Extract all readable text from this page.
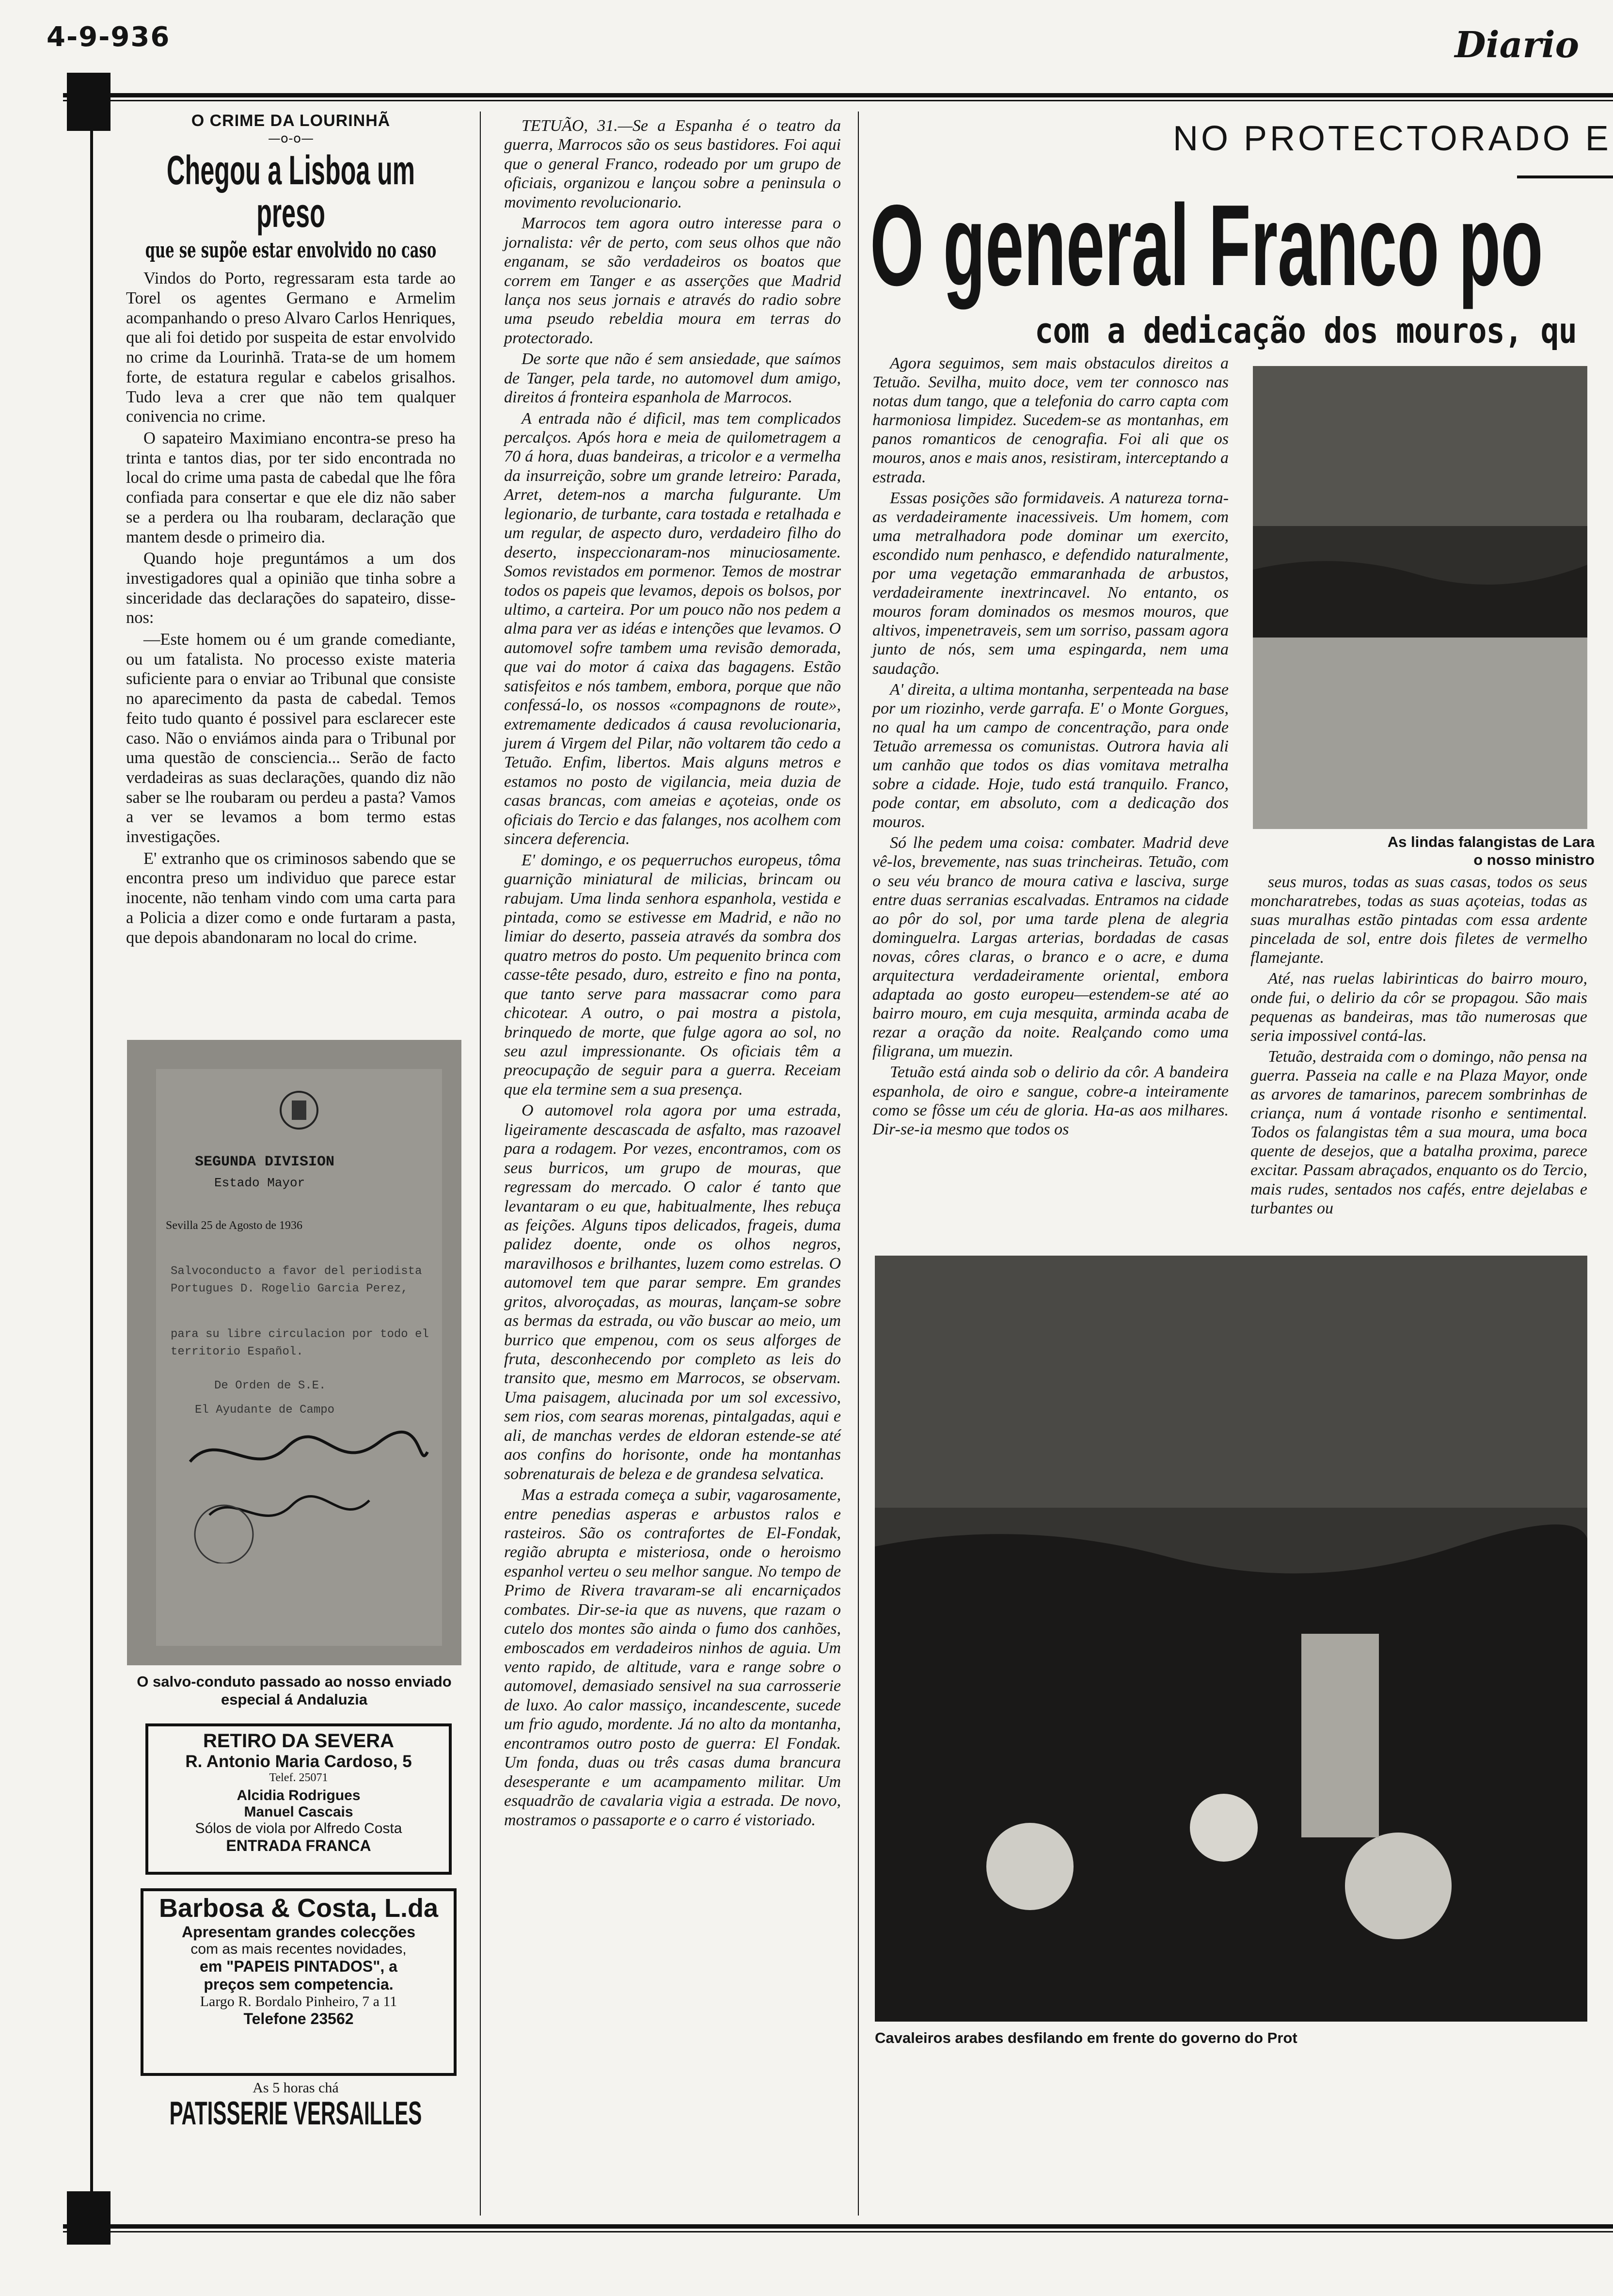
4-9-936	Diario
O CRIME DA LOURINHÃ
—o-o—
Chegou a Lisboa um preso
que se supõe estar envolvido no caso

Vindos do Porto, regressaram esta tarde ao Torel os agentes Germano e Armelim acompanhando o preso Alvaro Carlos Henriques, que ali foi detido por suspeita de estar envolvido no crime da Lourinhã. Trata-se de um homem forte, de estatura regular e cabelos grisalhos. Tudo leva a crer que não tem qualquer conivencia no crime.

O sapateiro Maximiano encontra-se preso ha trinta e tantos dias, por ter sido encontrada no local do crime uma pasta de cabedal que lhe fôra confiada para consertar e que ele diz não saber se a perdera ou lha roubaram, declaração que mantem desde o primeiro dia.

Quando hoje preguntámos a um dos investigadores qual a opinião que tinha sobre a sinceridade das declarações do sapateiro, disse-nos:

—Este homem ou é um grande comediante, ou um fatalista. No processo existe materia suficiente para o enviar ao Tribunal que consiste no aparecimento da pasta de cabedal. Temos feito tudo quanto é possivel para esclarecer este caso. Não o enviámos ainda para o Tribunal por uma questão de consciencia... Serão de facto verdadeiras as suas declarações, quando diz não saber se lhe roubaram ou perdeu a pasta? Vamos a ver se levamos a bom termo estas investigações.

E' extranho que os criminosos sabendo que se encontra preso um individuo que parece estar inocente, não tenham vindo com uma carta para a Policia a dizer como e onde furtaram a pasta, que depois abandonaram no local do crime.

SEGUNDA DIVISION
Estado Mayor
Sevilla 25 de Agosto de 1936
Salvoconducto a favor del periodista Portugues D. Rogelio Garcia Perez,
para su libre circulacion por todo el territorio Español.
De Orden de S.E.
El Ayudante de Campo
O salvo-conduto passado ao nosso enviado especial á Andaluzia
RETIRO DA SEVERA
R. Antonio Maria Cardoso, 5
Telef. 25071
Alcidia Rodrigues
Manuel Cascais
Sólos de viola por Alfredo Costa
ENTRADA FRANCA
Barbosa & Costa, L.da
Apresentam grandes colecções
com as mais recentes novidades,
em "PAPEIS PINTADOS", a
preços sem competencia.
Largo R. Bordalo Pinheiro, 7 a 11
Telefone 23562
As 5 horas chá
PATISSERIE VERSAILLES

TETUÃO, 31.—Se a Espanha é o teatro da guerra, Marrocos são os seus bastidores. Foi aqui que o general Franco, rodeado por um grupo de oficiais, organizou e lançou sobre a peninsula o movimento revolucionario.

Marrocos tem agora outro interesse para o jornalista: vêr de perto, com seus olhos que não enganam, se são verdadeiros os boatos que correm em Tanger e as asserções que Madrid lança nos seus jornais e através do radio sobre uma pseudo rebeldia moura em terras do protectorado.

De sorte que não é sem ansiedade, que saímos de Tanger, pela tarde, no automovel dum amigo, direitos á fronteira espanhola de Marrocos.

A entrada não é dificil, mas tem complicados percalços. Após hora e meia de quilometragem a 70 á hora, duas bandeiras, a tricolor e a vermelha da insurreição, sobre um grande letreiro: Parada, Arret, detem-nos a marcha fulgurante. Um legionario, de turbante, cara tostada e retalhada e um regular, de aspecto duro, verdadeiro filho do deserto, inspeccionaram-nos minuciosamente. Somos revistados em pormenor. Temos de mostrar todos os papeis que levamos, depois os bolsos, por ultimo, a carteira. Por um pouco não nos pedem a alma para ver as idéas e intenções que levamos. O automovel sofre tambem uma revisão demorada, que vai do motor á caixa das bagagens. Estão satisfeitos e nós tambem, embora, porque que não confessá-lo, os nossos «compagnons de route», extremamente dedicados á causa revolucionaria, jurem á Virgem del Pilar, não voltarem tão cedo a Tetuão. Enfim, libertos. Mais alguns metros e estamos no posto de vigilancia, meia duzia de casas brancas, com ameias e açoteias, onde os oficiais do Tercio e das falanges, nos acolhem com sincera deferencia.

E' domingo, e os pequerruchos europeus, tôma guarnição miniatural de milicias, brincam ou rabujam. Uma linda senhora espanhola, vestida e pintada, como se estivesse em Madrid, e não no limiar do deserto, passeia através da sombra dos quatro metros do posto. Um pequenito brinca com casse-tête pesado, duro, estreito e fino na ponta, que tanto serve para massacrar como para chicotear. A outro, o pai mostra a pistola, brinquedo de morte, que fulge agora ao sol, no seu azul impressionante. Os oficiais têm a preocupação de seguir para a guerra. Receiam que ela termine sem a sua presença.

O automovel rola agora por uma estrada, ligeiramente descascada de asfalto, mas razoavel para a rodagem. Por vezes, encontramos, com os seus burricos, um grupo de mouras, que regressam do mercado. O calor é tanto que levantaram o eu que, habitualmente, lhes rebuça as feições. Alguns tipos delicados, frageis, duma palidez doente, onde os olhos negros, maravilhosos e brilhantes, luzem como estrelas. O automovel tem que parar sempre. Em grandes gritos, alvoroçadas, as mouras, lançam-se sobre as bermas da estrada, ou vão buscar ao meio, um burrico que empenou, com os seus alforges de fruta, desconhecendo por completo as leis do transito que, mesmo em Marrocos, se observam. Uma paisagem, alucinada por um sol excessivo, sem rios, com searas morenas, pintalgadas, aqui e ali, de manchas verdes de eldoran estende-se até aos confins do horisonte, onde ha montanhas sobrenaturais de beleza e de grandesa selvatica.

Mas a estrada começa a subir, vagarosamente, entre penedias asperas e arbustos ralos e rasteiros. São os contrafortes de El-Fondak, região abrupta e misteriosa, onde o heroismo espanhol verteu o seu melhor sangue. No tempo de Primo de Rivera travaram-se ali encarniçados combates. Dir-se-ia que as nuvens, que razam o cutelo dos montes são ainda o fumo dos canhões, emboscados em verdadeiros ninhos de aguia. Um vento rapido, de altitude, vara e range sobre o automovel, demasiado sensivel na sua carrosserie de luxo. Ao calor massiço, incandescente, sucede um frio agudo, mordente. Já no alto da montanha, encontramos outro posto de guerra: El Fondak. Um fonda, duas ou três casas duma brancura desesperante e um acampamento militar. Um esquadrão de cavalaria vigia a estrada. De novo, mostramos o passaporte e o carro é vistoriado.

NO PROTECTORADO E
O general Franco po
com a dedicação dos mouros, qu

Agora seguimos, sem mais obstaculos direitos a Tetuão. Sevilha, muito doce, vem ter connosco nas notas dum tango, que a telefonia do carro capta com harmoniosa limpidez. Sucedem-se as montanhas, em panos romanticos de cenografia. Foi ali que os mouros, anos e mais anos, resistiram, interceptando a estrada.

Essas posições são formidaveis. A natureza torna-as verdadeiramente inacessiveis. Um homem, com uma metralhadora pode dominar um exercito, escondido num penhasco, e defendido naturalmente, por uma vegetação emmaranhada de arbustos, verdadeiramente inextrincavel. No entanto, os mouros foram dominados os mesmos mouros, que altivos, impenetraveis, sem um sorriso, passam agora junto de nós, sem uma espingarda, nem uma saudação.

A' direita, a ultima montanha, serpenteada na base por um riozinho, verde garrafa. E' o Monte Gorgues, no qual ha um campo de concentração, para onde Tetuão arremessa os comunistas. Outrora havia ali um canhão que todos os dias vomitava metralha sobre a cidade. Hoje, tudo está tranquilo. Franco, pode contar, em absoluto, com a dedicação dos mouros.

Só lhe pedem uma coisa: combater. Madrid deve vê-los, brevemente, nas suas trincheiras. Tetuão, com o seu véu branco de moura cativa e lasciva, surge entre duas serranias escalvadas. Entramos na cidade ao pôr do sol, por uma tarde plena de alegria dominguelra. Largas arterias, bordadas de casas novas, côres claras, o branco e o acre, e duma arquitectura verdadeiramente oriental, embora adaptada ao gosto europeu—estendem-se até ao bairro mouro, em cuja mesquita, arminda acaba de rezar a oração da noite. Realçando como uma filigrana, um muezin.

Tetuão está ainda sob o delirio da côr. A bandeira espanhola, de oiro e sangue, cobre-a inteiramente como se fôsse um céu de gloria. Ha-as aos milhares. Dir-se-ia mesmo que todos os

As lindas falangistas de Lara
o nosso ministro

seus muros, todas as suas casas, todos os seus moncharatrebes, todas as suas açoteias, todas as suas muralhas estão pintadas com essa ardente pincelada de sol, entre dois filetes de vermelho flamejante.

Até, nas ruelas labirinticas do bairro mouro, onde fui, o delirio da côr se propagou. São mais pequenas as bandeiras, mas tão numerosas que seria impossivel contá-las.

Tetuão, destraida com o domingo, não pensa na guerra. Passeia na calle e na Plaza Mayor, onde as arvores de tamarinos, parecem sombrinhas de criança, num á vontade risonho e sentimental. Todos os falangistas têm a sua moura, uma boca quente de desejos, que a batalha proxima, parece excitar. Passam abraçados, enquanto os do Tercio, mais rudes, sentados nos cafés, entre dejelabas e turbantes ou

Cavaleiros arabes desfilando em frente do governo do Prot
